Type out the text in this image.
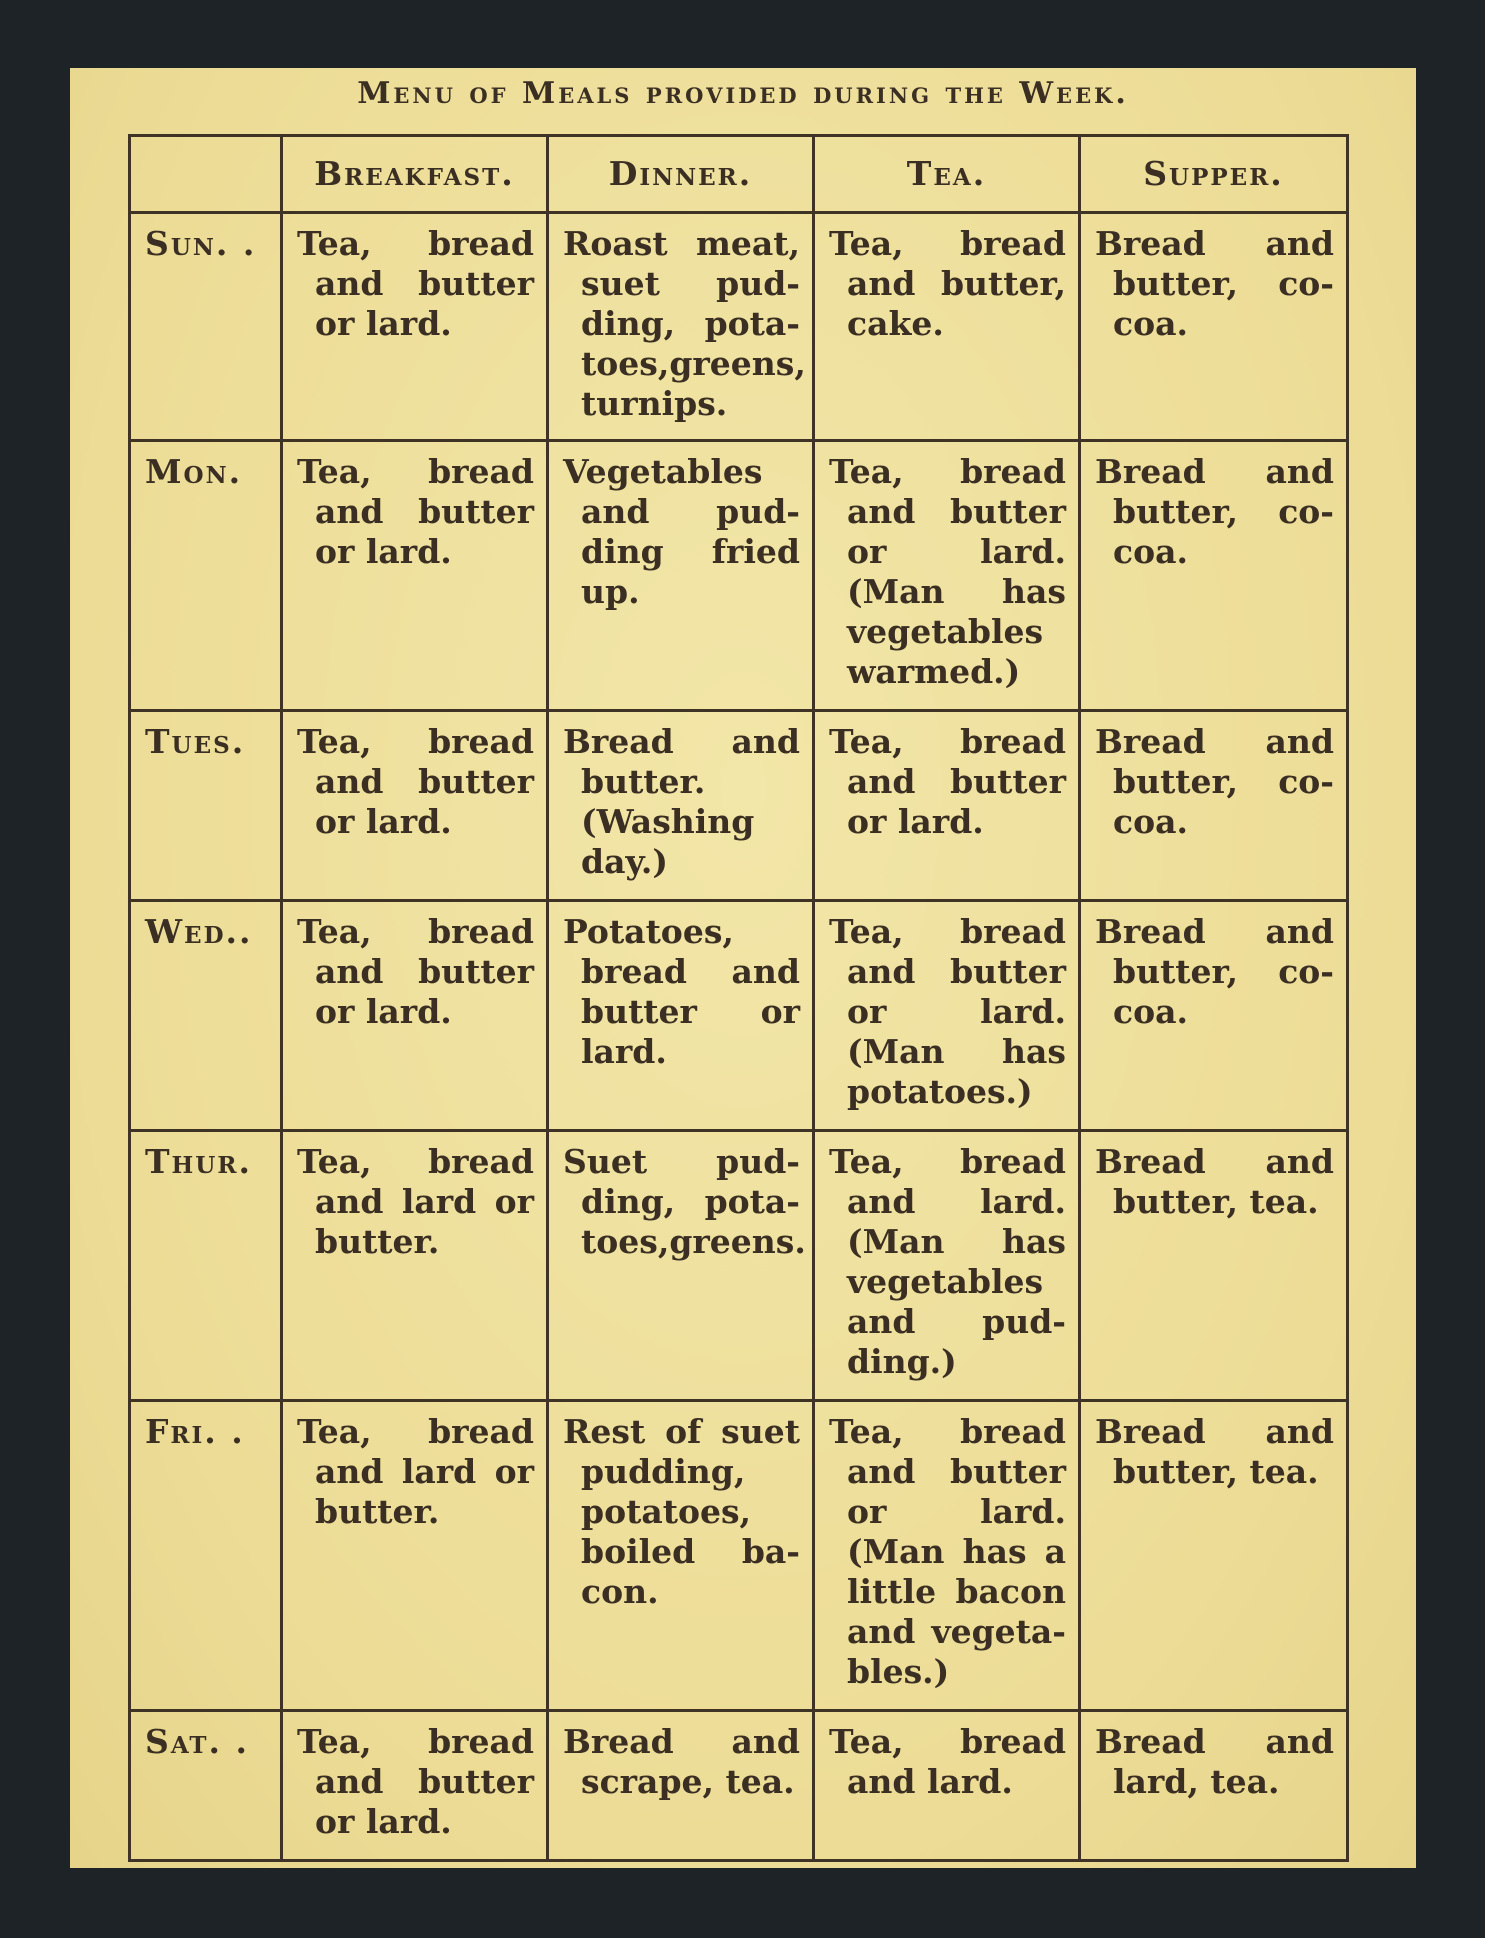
Menu of Meals provided during the Week.
	Breakfast.	Dinner.	Tea.	Supper.
Sun. .	Tea, bread and butter or lard.	Roast meat, suet pud-ding, pota-toes,greens, turnips.	Tea, bread and butter, cake.	Bread and butter, co-coa.

Mon.	Tea, bread and butter or lard.	Vegetables and pud-ding fried up.	Tea, bread and butter or lard. (Man has vegetables warmed.)	Bread and butter, co-coa.

Tues.	Tea, bread and butter or lard.	Bread and butter. (Washing day.)	Tea, bread and butter or lard.	Bread and butter, co-coa.

Wed..	Tea, bread and butter or lard.	Potatoes, bread and butter or lard.	Tea, bread and butter or lard. (Man has potatoes.)	Bread and butter, co-coa.

Thur.	Tea, bread and lard or butter.	Suet pud-ding, pota-toes,greens.	Tea, bread and lard. (Man has vegetables and pud-ding.)	Bread and butter, tea.

Fri. .	Tea, bread and lard or butter.	Rest of suet pudding, potatoes, boiled ba-con.	Tea, bread and butter or lard. (Man has a little bacon and vegeta-bles.)	Bread and butter, tea.

Sat. .	Tea, bread and butter or lard.	Bread and scrape, tea.	Tea, bread and lard.	Bread and lard, tea.
